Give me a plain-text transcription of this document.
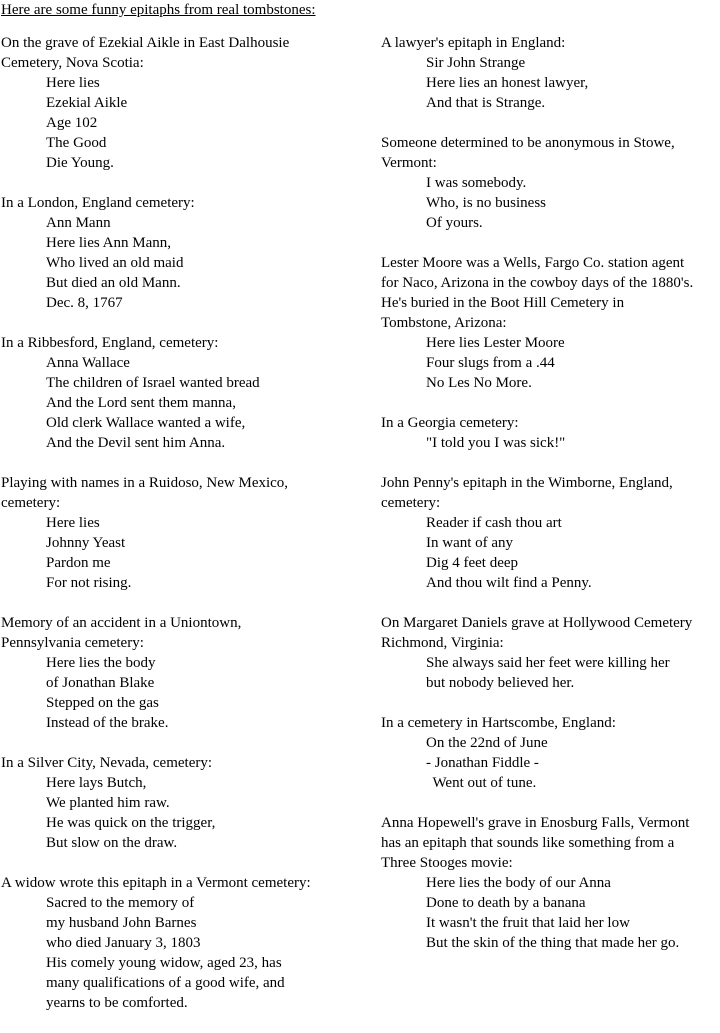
Here are some funny epitaphs from real tombstones:
On the grave of Ezekial Aikle in East Dalhousie
Cemetery, Nova Scotia:
Here lies
Ezekial Aikle
Age 102
The Good
Die Young.
In a London, England cemetery:
Ann Mann
Here lies Ann Mann,
Who lived an old maid
But died an old Mann.
Dec. 8, 1767
In a Ribbesford, England, cemetery:
Anna Wallace
The children of Israel wanted bread
And the Lord sent them manna,
Old clerk Wallace wanted a wife,
And the Devil sent him Anna.
Playing with names in a Ruidoso, New Mexico,
cemetery:
Here lies
Johnny Yeast
Pardon me
For not rising.
Memory of an accident in a Uniontown,
Pennsylvania cemetery:
Here lies the body
of Jonathan Blake
Stepped on the gas
Instead of the brake.
In a Silver City, Nevada, cemetery:
Here lays Butch,
We planted him raw.
He was quick on the trigger,
But slow on the draw.
A widow wrote this epitaph in a Vermont cemetery:
Sacred to the memory of
my husband John Barnes
who died January 3, 1803
His comely young widow, aged 23, has
many qualifications of a good wife, and
yearns to be comforted.
A lawyer's epitaph in England:
Sir John Strange
Here lies an honest lawyer,
And that is Strange.
Someone determined to be anonymous in Stowe,
Vermont:
I was somebody.
Who, is no business
Of yours.
Lester Moore was a Wells, Fargo Co. station agent
for Naco, Arizona in the cowboy days of the 1880's.
He's buried in the Boot Hill Cemetery in
Tombstone, Arizona:
Here lies Lester Moore
Four slugs from a .44
No Les No More.
In a Georgia cemetery:
"I told you I was sick!"
John Penny's epitaph in the Wimborne, England,
cemetery:
Reader if cash thou art
In want of any
Dig 4 feet deep
And thou wilt find a Penny.
On Margaret Daniels grave at Hollywood Cemetery
Richmond, Virginia:
She always said her feet were killing her
but nobody believed her.
In a cemetery in Hartscombe, England:
On the 22nd of June
- Jonathan Fiddle -
Went out of tune.
Anna Hopewell's grave in Enosburg Falls, Vermont
has an epitaph that sounds like something from a
Three Stooges movie:
Here lies the body of our Anna
Done to death by a banana
It wasn't the fruit that laid her low
But the skin of the thing that made her go.
